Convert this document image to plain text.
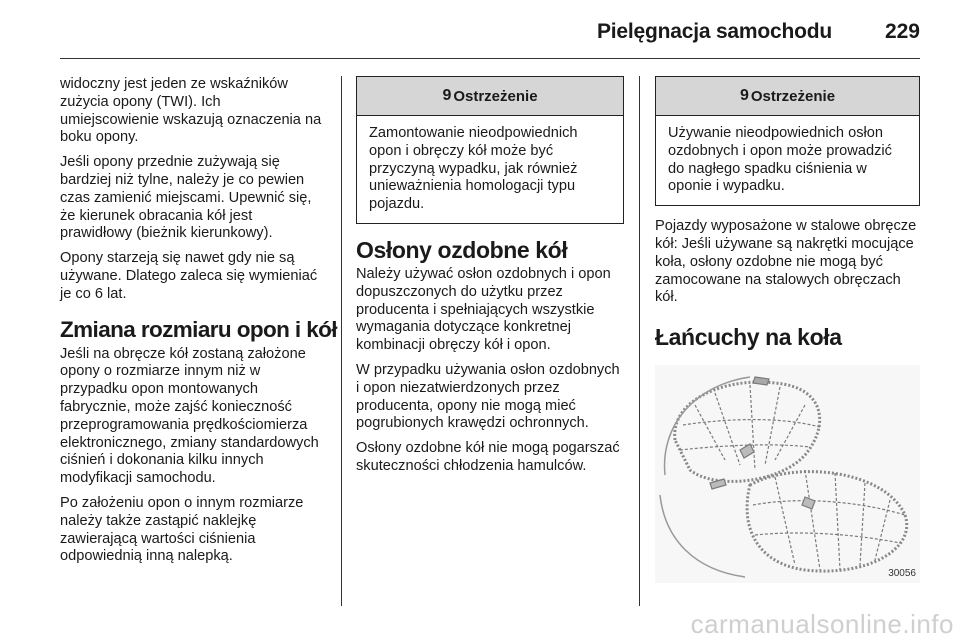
Pielęgnacja samochodu	229

widoczny jest jeden ze wskaźników zużycia opony (TWI). Ich umiejscowienie wskazują oznaczenia na boku opony.

Jeśli opony przednie zużywają się bardziej niż tylne, należy je co pewien czas zamienić miejscami. Upewnić się, że kierunek obracania kół jest prawidłowy (bieżnik kierunkowy).

Opony starzeją się nawet gdy nie są używane. Dlatego zaleca się wymieniać je co 6 lat.

Zmiana rozmiaru opon i kół

Jeśli na obręcze kół zostaną założone opony o rozmiarze innym niż w przypadku opon montowanych fabrycznie, może zajść konieczność przeprogramowania prędkościomierza elektronicznego, zmiany standardowych ciśnień i dokonania kilku innych modyfikacji samochodu.

Po założeniu opon o innym rozmiarze należy także zastąpić naklejkę zawierającą wartości ciśnienia odpowiednią inną nalepką.

9 Ostrzeżenie
Zamontowanie nieodpowiednich opon i obręczy kół może być przyczyną wypadku, jak również unieważnienia homologacji typu pojazdu.
Osłony ozdobne kół

Należy używać osłon ozdobnych i opon dopuszczonych do użytku przez producenta i spełniających wszystkie wymagania dotyczące konkretnej kombinacji obręczy kół i opon.

W przypadku używania osłon ozdobnych i opon niezatwierdzonych przez producenta, opony nie mogą mieć pogrubionych krawędzi ochronnych.

Osłony ozdobne kół nie mogą pogarszać skuteczności chłodzenia hamulców.

9 Ostrzeżenie
Używanie nieodpowiednich osłon ozdobnych i opon może prowadzić do nagłego spadku ciśnienia w oponie i wypadku.

Pojazdy wyposażone w stalowe obręcze kół: Jeśli używane są nakrętki mocujące koła, osłony ozdobne nie mogą być zamocowane na stalowych obręczach kół.

Łańcuchy na koła
30056
carmanualsonline.info
